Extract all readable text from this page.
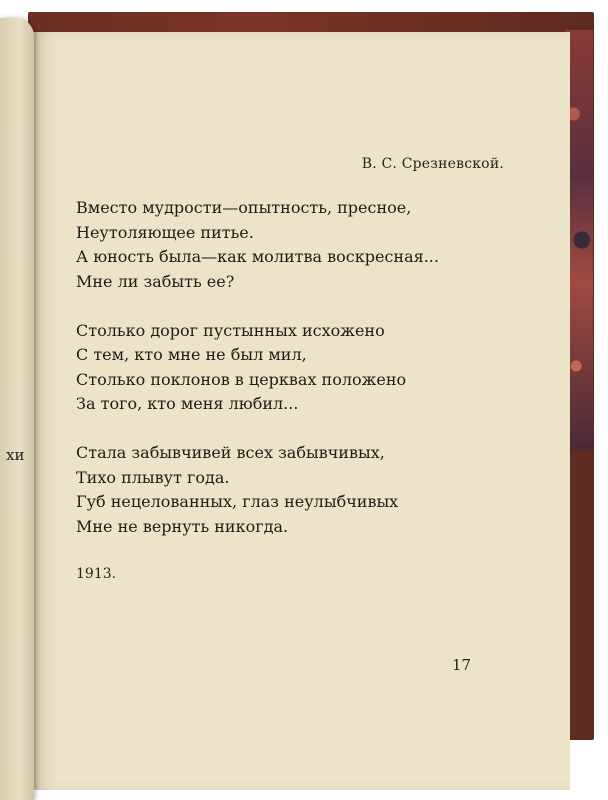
хи
В. С. Срезневской.
Вместо мудрости—опытность, пресное,
Неутоляющее питье.
А юность была—как молитва воскресная...
Мне ли забыть ее?
Столько дорог пустынных исхожено
С тем, кто мне не был мил,
Столько поклонов в церквах положено
За того, кто меня любил...
Стала забывчивей всех забывчивых,
Тихо плывут года.
Губ нецелованных, глаз неулыбчивых
Мне не вернуть никогда.
1913.
17
